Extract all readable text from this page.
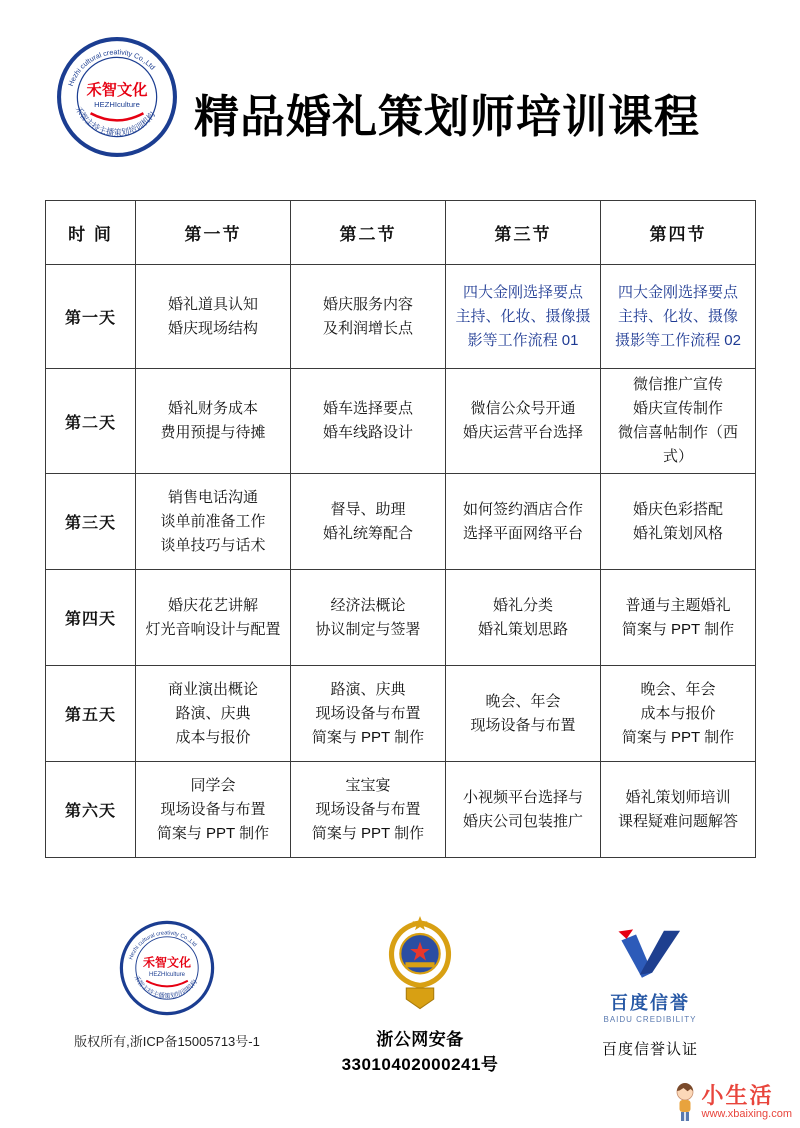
Hezhi cultural creativity Co.,Ltd
禾智主持主播策划培训机构
禾智文化
HEZHIculture	精品婚礼策划师培训课程
时 间	第一节	第二节	第三节	第四节
第一天	
婚礼道具认知
婚庆现场结构

婚庆服务内容
及利润增长点

四大金刚选择要点
主持、化妆、摄像摄
影等工作流程 01

四大金刚选择要点
主持、化妆、摄像
摄影等工作流程 02

第二天	
婚礼财务成本
费用预提与待摊

婚车选择要点
婚车线路设计

微信公众号开通
婚庆运营平台选择

微信推广宣传
婚庆宣传制作
微信喜帖制作（西式）

第三天	
销售电话沟通
谈单前准备工作
谈单技巧与话术

督导、助理
婚礼统筹配合

如何签约酒店合作
选择平面网络平台

婚庆色彩搭配
婚礼策划风格

第四天	
婚庆花艺讲解
灯光音响设计与配置

经济法概论
协议制定与签署

婚礼分类
婚礼策划思路

普通与主题婚礼
简案与 PPT 制作

第五天	
商业演出概论
路演、庆典
成本与报价

路演、庆典
现场设备与布置
简案与 PPT 制作

晚会、年会
现场设备与布置

晚会、年会
成本与报价
简案与 PPT 制作

第六天	
同学会
现场设备与布置
简案与 PPT 制作

宝宝宴
现场设备与布置
简案与 PPT 制作

小视频平台选择与
婚庆公司包装推广

婚礼策划师培训
课程疑难问题解答
Hezhi cultural creativity Co.,Ltd
禾智主持主播策划培训机构
禾智文化
HEZHIculture
版权所有,浙ICP备15005713号-1	浙公网安备 33010402000241号
百度信誉
BAIDU CREDIBILITY
百度信誉认证
小生活
www.xbaixing.com
